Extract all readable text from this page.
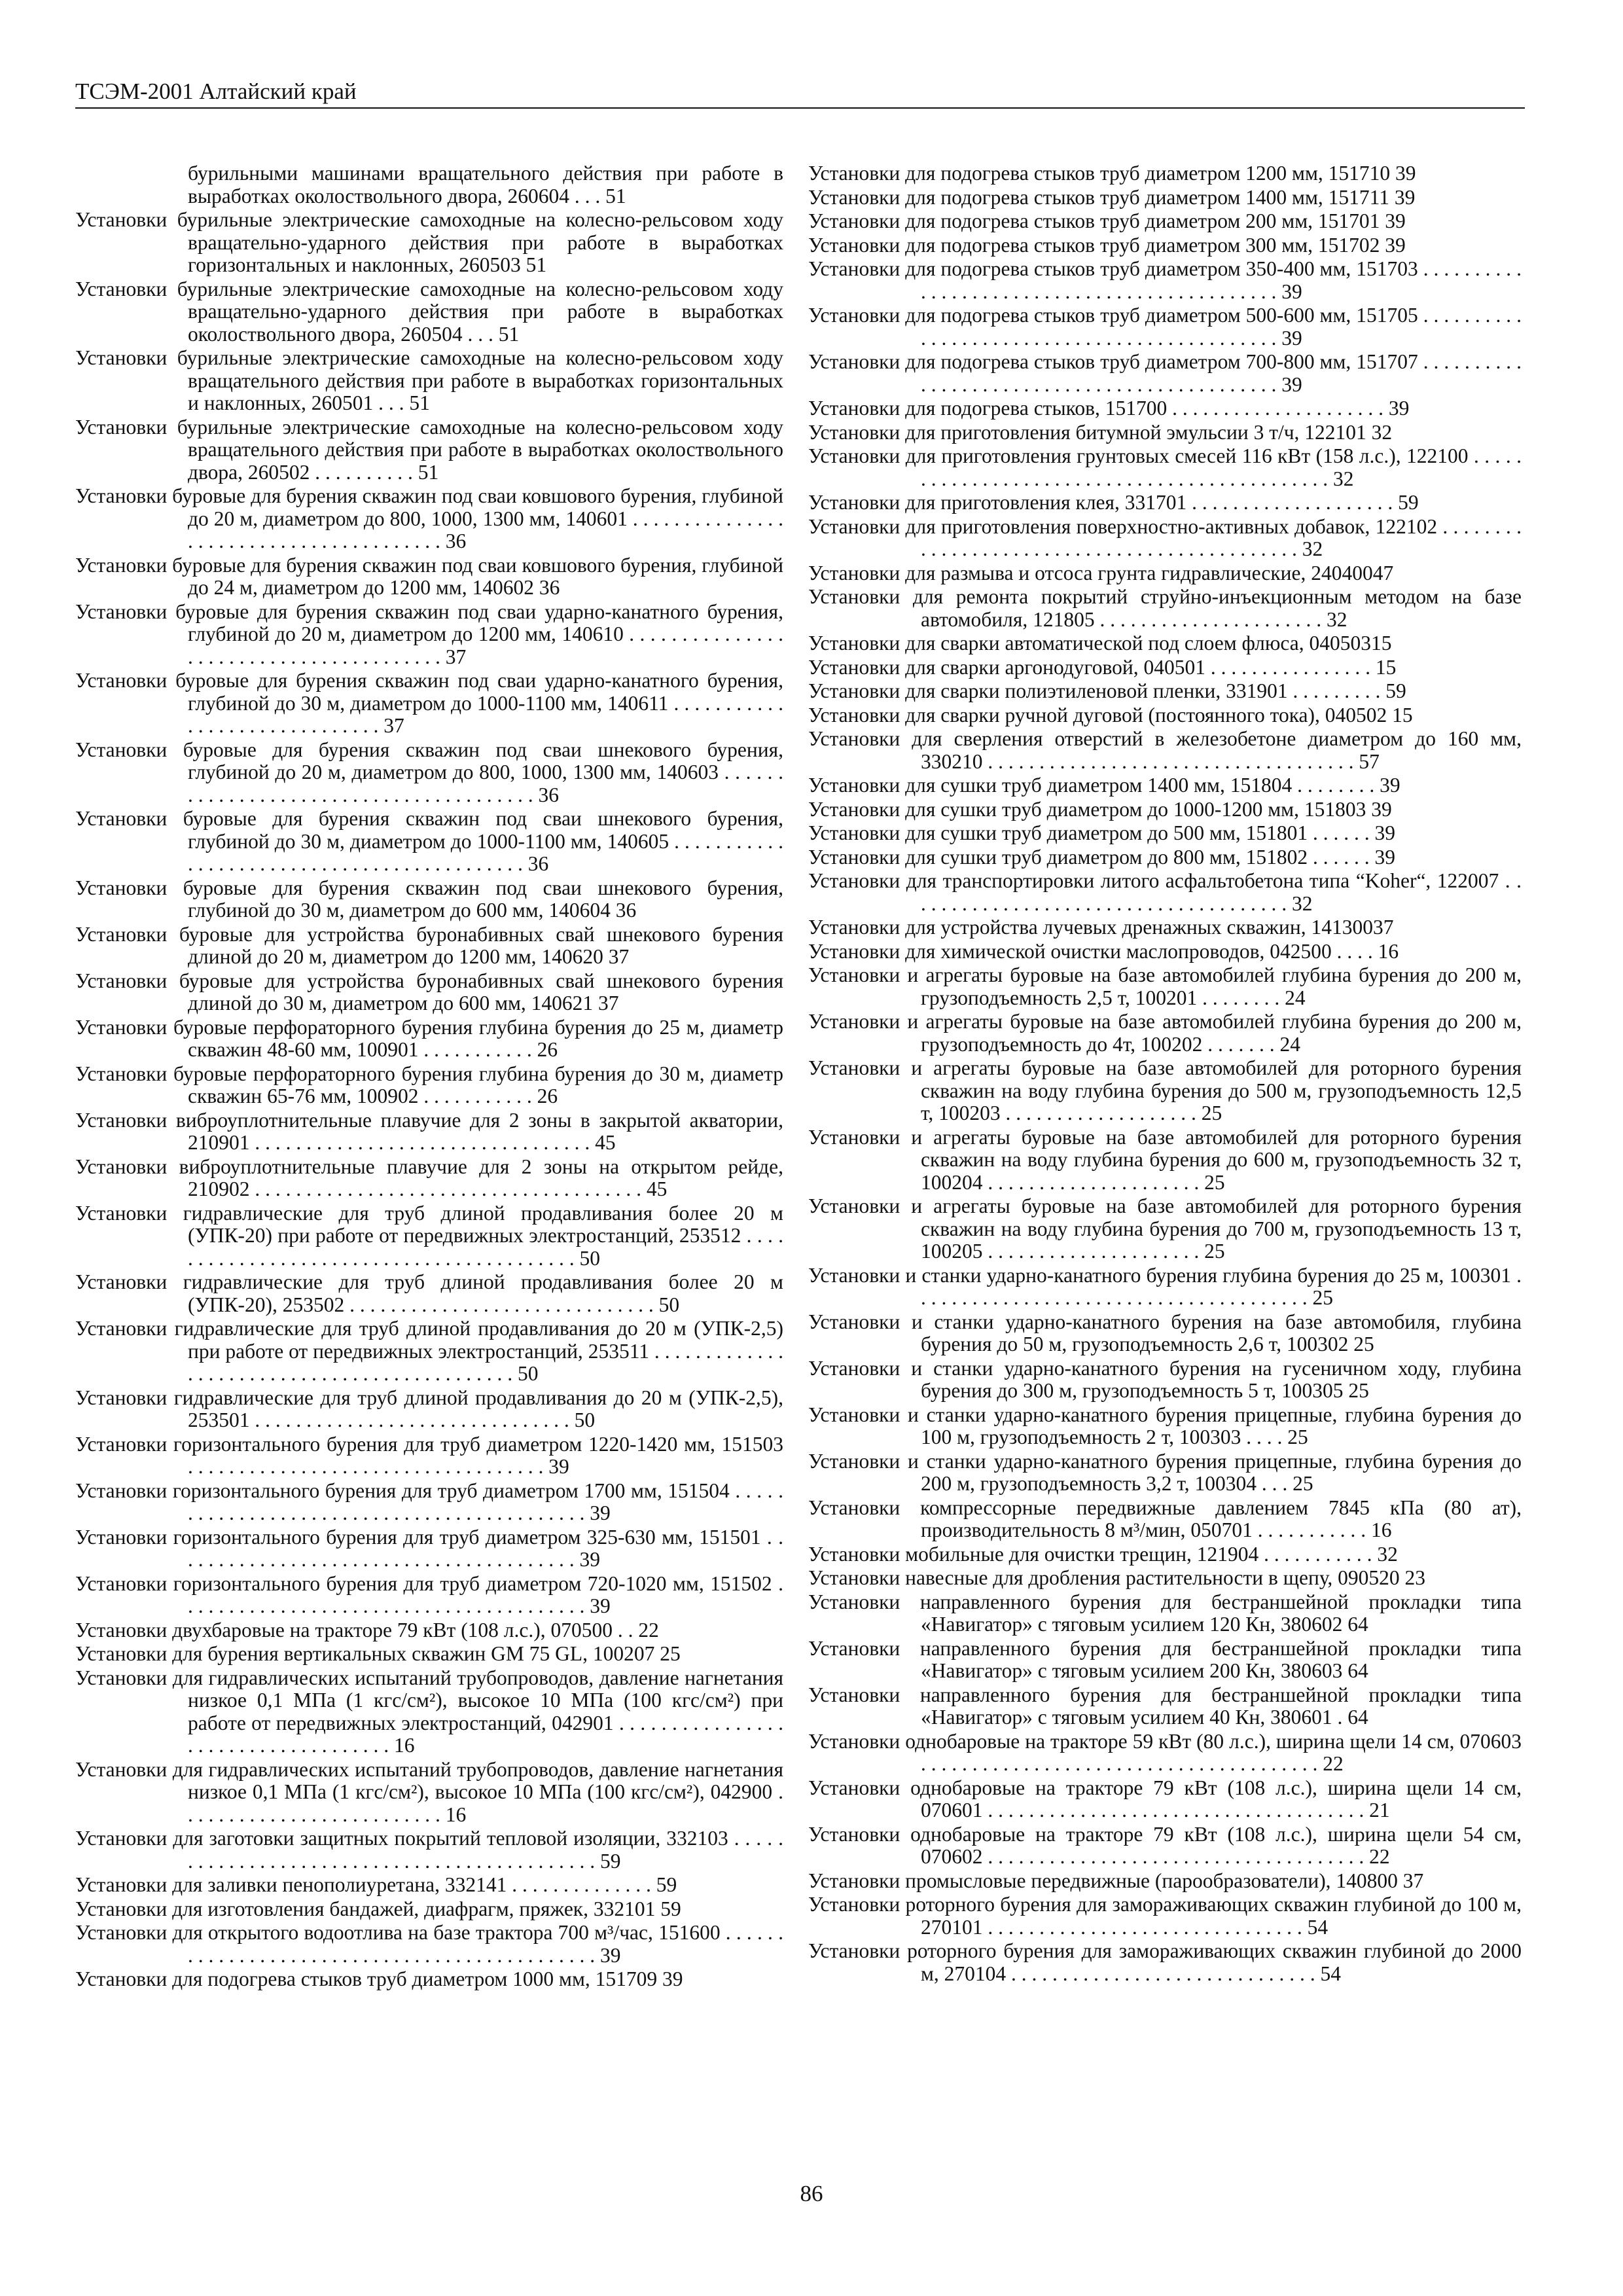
ТСЭМ-2001 Алтайский край

бурильными машинами вращательного действия при работе в выработках околоствольного двора, 260604 . . . 51

Установки бурильные электрические самоходные на колесно-рельсовом ходу вращательно-ударного действия при работе в выработках горизонтальных и наклонных, 260503 51

Установки бурильные электрические самоходные на колесно-рельсовом ходу вращательно-ударного действия при работе в выработках околоствольного двора, 260504 . . . 51

Установки бурильные электрические самоходные на колесно-рельсовом ходу вращательного действия при работе в выработках горизонтальных и наклонных, 260501 . . . 51

Установки бурильные электрические самоходные на колесно-рельсовом ходу вращательного действия при работе в выработках околоствольного двора, 260502 . . . . . . . . . . 51

Установки буровые для бурения скважин под сваи ковшового бурения, глубиной до 20 м, диаметром до 800, 1000, 1300 мм, 140601 . . . . . . . . . . . . . . . . . . . . . . . . . . . . . . . . . . . . . . . . 36

Установки буровые для бурения скважин под сваи ковшового бурения, глубиной до 24 м, диаметром до 1200 мм, 140602 36

Установки буровые для бурения скважин под сваи ударно-канатного бурения, глубиной до 20 м, диаметром до 1200 мм, 140610 . . . . . . . . . . . . . . . . . . . . . . . . . . . . . . . . . . . . . . . . 37

Установки буровые для бурения скважин под сваи ударно-канатного бурения, глубиной до 30 м, диаметром до 1000-1100 мм, 140611 . . . . . . . . . . . . . . . . . . . . . . . . . . . . . . 37

Установки буровые для бурения скважин под сваи шнекового бурения, глубиной до 20 м, диаметром до 800, 1000, 1300 мм, 140603 . . . . . . . . . . . . . . . . . . . . . . . . . . . . . . . . . . . . . . . . 36

Установки буровые для бурения скважин под сваи шнекового бурения, глубиной до 30 м, диаметром до 1000-1100 мм, 140605 . . . . . . . . . . . . . . . . . . . . . . . . . . . . . . . . . . . . . . . . . . . . 36

Установки буровые для бурения скважин под сваи шнекового бурения, глубиной до 30 м, диаметром до 600 мм, 140604 36

Установки буровые для устройства буронабивных свай шнекового бурения длиной до 20 м, диаметром до 1200 мм, 140620 37

Установки буровые для устройства буронабивных свай шнекового бурения длиной до 30 м, диаметром до 600 мм, 140621 37

Установки буровые перфораторного бурения глубина бурения до 25 м, диаметр скважин 48-60 мм, 100901 . . . . . . . . . . . 26

Установки буровые перфораторного бурения глубина бурения до 30 м, диаметр скважин 65-76 мм, 100902 . . . . . . . . . . . 26

Установки виброуплотнительные плавучие для 2 зоны в закрытой акватории, 210901 . . . . . . . . . . . . . . . . . . . . . . . . . . . . . . . . . 45

Установки виброуплотнительные плавучие для 2 зоны на открытом рейде, 210902 . . . . . . . . . . . . . . . . . . . . . . . . . . . . . . . . . . . . . . 45

Установки гидравлические для труб длиной продавливания более 20 м (УПК-20) при работе от передвижных электростанций, 253512 . . . . . . . . . . . . . . . . . . . . . . . . . . . . . . . . . . . . . . . . . . 50

Установки гидравлические для труб длиной продавливания более 20 м (УПК-20), 253502 . . . . . . . . . . . . . . . . . . . . . . . . . . . . . . 50

Установки гидравлические для труб длиной продавливания до 20 м (УПК-2,5) при работе от передвижных электростанций, 253511 . . . . . . . . . . . . . . . . . . . . . . . . . . . . . . . . . . . . . . . . . . . . . 50

Установки гидравлические для труб длиной продавливания до 20 м (УПК-2,5), 253501 . . . . . . . . . . . . . . . . . . . . . . . . . . . . . . . 50

Установки горизонтального бурения для труб диаметром 1220-1420 мм, 151503 . . . . . . . . . . . . . . . . . . . . . . . . . . . . . . . . . . . 39

Установки горизонтального бурения для труб диаметром 1700 мм, 151504 . . . . . . . . . . . . . . . . . . . . . . . . . . . . . . . . . . . . . . . . . . . . 39

Установки горизонтального бурения для труб диаметром 325-630 мм, 151501 . . . . . . . . . . . . . . . . . . . . . . . . . . . . . . . . . . . . . . . . 39

Установки горизонтального бурения для труб диаметром 720-1020 мм, 151502 . . . . . . . . . . . . . . . . . . . . . . . . . . . . . . . . . . . . . . . . 39

Установки двухбаровые на тракторе 79 кВт (108 л.с.), 070500 . . 22

Установки для бурения вертикальных скважин GM 75 GL, 100207 25

Установки для гидравлических испытаний трубопроводов, давление нагнетания низкое 0,1 МПа (1 кгс/см²), высокое 10 МПа (100 кгс/см²) при работе от передвижных электростанций, 042901 . . . . . . . . . . . . . . . . . . . . . . . . . . . . . . . . . . . . 16

Установки для гидравлических испытаний трубопроводов, давление нагнетания низкое 0,1 МПа (1 кгс/см²), высокое 10 МПа (100 кгс/см²), 042900 . . . . . . . . . . . . . . . . . . . . . . . . . . 16

Установки для заготовки защитных покрытий тепловой изоляции, 332103 . . . . . . . . . . . . . . . . . . . . . . . . . . . . . . . . . . . . . . . . . . . . . 59

Установки для заливки пенополиуретана, 332141 . . . . . . . . . . . . . . 59

Установки для изготовления бандажей, диафрагм, пряжек, 332101 59

Установки для открытого водоотлива на базе трактора 700 м³/час, 151600 . . . . . . . . . . . . . . . . . . . . . . . . . . . . . . . . . . . . . . . . . . . . . . 39

Установки для подогрева стыков труб диаметром 1000 мм, 151709 39

Установки для подогрева стыков труб диаметром 1200 мм, 151710 39

Установки для подогрева стыков труб диаметром 1400 мм, 151711 39

Установки для подогрева стыков труб диаметром 200 мм, 151701 39

Установки для подогрева стыков труб диаметром 300 мм, 151702 39

Установки для подогрева стыков труб диаметром 350-400 мм, 151703 . . . . . . . . . . . . . . . . . . . . . . . . . . . . . . . . . . . . . . . . . . . . . 39

Установки для подогрева стыков труб диаметром 500-600 мм, 151705 . . . . . . . . . . . . . . . . . . . . . . . . . . . . . . . . . . . . . . . . . . . . . 39

Установки для подогрева стыков труб диаметром 700-800 мм, 151707 . . . . . . . . . . . . . . . . . . . . . . . . . . . . . . . . . . . . . . . . . . . . . 39

Установки для подогрева стыков, 151700 . . . . . . . . . . . . . . . . . . . . . 39

Установки для приготовления битумной эмульсии 3 т/ч, 122101 32

Установки для приготовления грунтовых смесей 116 кВт (158 л.с.), 122100 . . . . . . . . . . . . . . . . . . . . . . . . . . . . . . . . . . . . . . . . . . . . . 32

Установки для приготовления клея, 331701 . . . . . . . . . . . . . . . . . . . . 59

Установки для приготовления поверхностно-активных добавок, 122102 . . . . . . . . . . . . . . . . . . . . . . . . . . . . . . . . . . . . . . . . . . . . . 32

Установки для размыва и отсоса грунта гидравлические, 24040047

Установки для ремонта покрытий струйно-инъекционным методом на базе автомобиля, 121805 . . . . . . . . . . . . . . . . . . . . . . 32

Установки для сварки автоматической под слоем флюса, 04050315

Установки для сварки аргонодуговой, 040501 . . . . . . . . . . . . . . . . 15

Установки для сварки полиэтиленовой пленки, 331901 . . . . . . . . . 59

Установки для сварки ручной дуговой (постоянного тока), 040502 15

Установки для сверления отверстий в железобетоне диаметром до 160 мм, 330210 . . . . . . . . . . . . . . . . . . . . . . . . . . . . . . . . . . . . 57

Установки для сушки труб диаметром 1400 мм, 151804 . . . . . . . . 39

Установки для сушки труб диаметром до 1000-1200 мм, 151803 39

Установки для сушки труб диаметром до 500 мм, 151801 . . . . . . 39

Установки для сушки труб диаметром до 800 мм, 151802 . . . . . . 39

Установки для транспортировки литого асфальтобетона типа “Koher“, 122007 . . . . . . . . . . . . . . . . . . . . . . . . . . . . . . . . . . . . . . 32

Установки для устройства лучевых дренажных скважин, 14130037

Установки для химической очистки маслопроводов, 042500 . . . . 16

Установки и агрегаты буровые на базе автомобилей глубина бурения до 200 м, грузоподъемность 2,5 т, 100201 . . . . . . . . 24

Установки и агрегаты буровые на базе автомобилей глубина бурения до 200 м, грузоподъемность до 4т, 100202 . . . . . . . 24

Установки и агрегаты буровые на базе автомобилей для роторного бурения скважин на воду глубина бурения до 500 м, грузоподъемность 12,5 т, 100203 . . . . . . . . . . . . . . . . . . . 25

Установки и агрегаты буровые на базе автомобилей для роторного бурения скважин на воду глубина бурения до 600 м, грузоподъемность 32 т, 100204 . . . . . . . . . . . . . . . . . . . . . 25

Установки и агрегаты буровые на базе автомобилей для роторного бурения скважин на воду глубина бурения до 700 м, грузоподъемность 13 т, 100205 . . . . . . . . . . . . . . . . . . . . . 25

Установки и станки ударно-канатного бурения глубина бурения до 25 м, 100301 . . . . . . . . . . . . . . . . . . . . . . . . . . . . . . . . . . . . . . . 25

Установки и станки ударно-канатного бурения на базе автомобиля, глубина бурения до 50 м, грузоподъемность 2,6 т, 100302 25

Установки и станки ударно-канатного бурения на гусеничном ходу, глубина бурения до 300 м, грузоподъемность 5 т, 100305 25

Установки и станки ударно-канатного бурения прицепные, глубина бурения до 100 м, грузоподъемность 2 т, 100303 . . . . 25

Установки и станки ударно-канатного бурения прицепные, глубина бурения до 200 м, грузоподъемность 3,2 т, 100304 . . . 25

Установки компрессорные передвижные давлением 7845 кПа (80 ат), производительность 8 м³/мин, 050701 . . . . . . . . . . . 16

Установки мобильные для очистки трещин, 121904 . . . . . . . . . . . 32

Установки навесные для дробления растительности в щепу, 090520 23

Установки направленного бурения для бестраншейной прокладки типа «Навигатор» с тяговым усилием 120 Кн, 380602 64

Установки направленного бурения для бестраншейной прокладки типа «Навигатор» с тяговым усилием 200 Кн, 380603 64

Установки направленного бурения для бестраншейной прокладки типа «Навигатор» с тяговым усилием 40 Кн, 380601 . 64

Установки однобаровые на тракторе 59 кВт (80 л.с.), ширина щели 14 см, 070603 . . . . . . . . . . . . . . . . . . . . . . . . . . . . . . . . . . . . . . . 22

Установки однобаровые на тракторе 79 кВт (108 л.с.), ширина щели 14 см, 070601 . . . . . . . . . . . . . . . . . . . . . . . . . . . . . . . . . . . . . 21

Установки однобаровые на тракторе 79 кВт (108 л.с.), ширина щели 54 см, 070602 . . . . . . . . . . . . . . . . . . . . . . . . . . . . . . . . . . . . . 22

Установки промысловые передвижные (парообразователи), 140800 37

Установки роторного бурения для замораживающих скважин глубиной до 100 м, 270101 . . . . . . . . . . . . . . . . . . . . . . . . . . . . . . . 54

Установки роторного бурения для замораживающих скважин глубиной до 2000 м, 270104 . . . . . . . . . . . . . . . . . . . . . . . . . . . . . . 54

86
